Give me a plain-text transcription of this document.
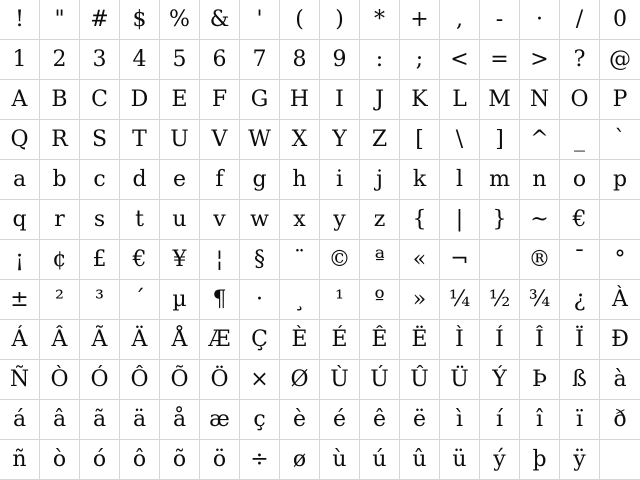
! " # $ % & ' ( ) * + , - · / 0
1 2 3 4 5 6 7 8 9 : ; < = > ? @
A B C D E F G H I J K L M N O P
Q R S T U V W X Y Z [ \ ] ^ _ `
a b c d e f g h i j k l m n o p
q r s t u v w x y z { | } ~ €
¡ ¢ £ € ¥ ¦ § ¨ © ª « ¬	® ¯ °
± ² ³ ´ µ ¶ · ¸ ¹ º » ¼ ½ ¾ ¿ À
Á Â Ã Ä Å Æ Ç È É Ê Ë Ì Í Î Ï Ð
Ñ Ò Ó Ô Õ Ö × Ø Ù Ú Û Ü Ý Þ ß à
á â ã ä å æ ç è é ê ë ì í î ï ð
ñ ò ó ô õ ö ÷ ø ù ú û ü ý þ ÿ
